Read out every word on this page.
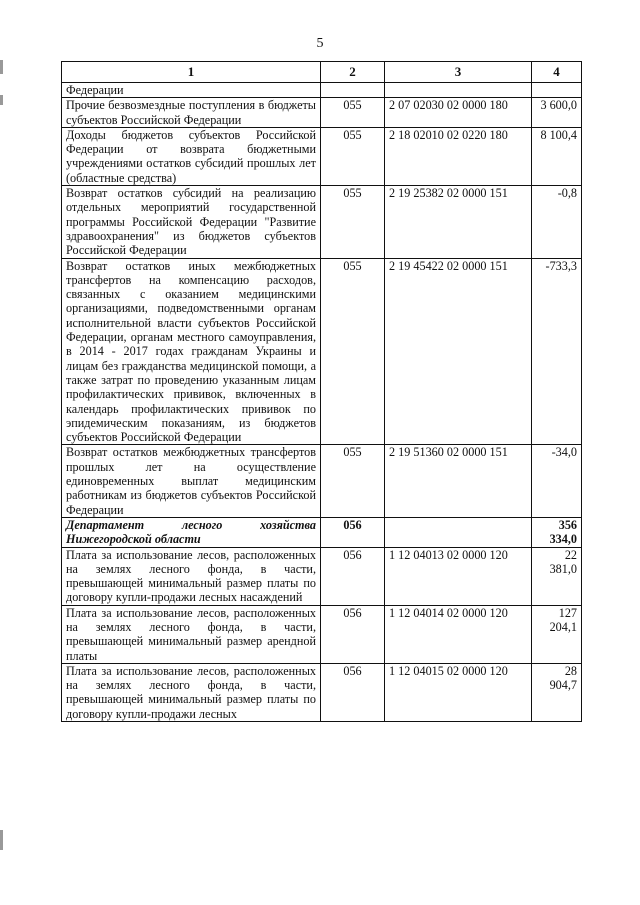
5
1	2	3	4
Федерации			
Прочие безвозмездные поступления в бюджеты субъектов Российской Федерации	055	2 07 02030 02 0000 180	3 600,0
Доходы бюджетов субъектов Российской Федерации от возврата бюджетными учреждениями остатков субсидий прошлых лет (областные средства)	055	2 18 02010 02 0220 180	8 100,4
Возврат остатков субсидий на реализацию отдельных мероприятий государственной программы Российской Федерации "Развитие здравоохранения" из бюджетов субъектов Российской Федерации	055	2 19 25382 02 0000 151	-0,8
Возврат остатков иных межбюджетных трансфертов на компенсацию расходов, связанных с оказанием медицинскими организациями, подведомственными органам исполнительной власти субъектов Российской Федерации, органам местного самоуправления, в 2014 - 2017 годах гражданам Украины и лицам без гражданства медицинской помощи, а также затрат по проведению указанным лицам профилактических прививок, включенных в календарь профилактических прививок по эпидемическим показаниям, из бюджетов субъектов Российской Федерации	055	2 19 45422 02 0000 151	-733,3
Возврат остатков межбюджетных трансфертов прошлых лет на осуществление единовременных выплат медицинским работникам из бюджетов субъектов Российской Федерации	055	2 19 51360 02 0000 151	-34,0
Департамент лесного хозяйства Нижегородской области	056		356 334,0
Плата за использование лесов, расположенных на землях лесного фонда, в части, превышающей минимальный размер платы по договору купли-продажи лесных насаждений	056	1 12 04013 02 0000 120	22 381,0
Плата за использование лесов, расположенных на землях лесного фонда, в части, превышающей минимальный размер арендной платы	056	1 12 04014 02 0000 120	127 204,1
Плата за использование лесов, расположенных на землях лесного фонда, в части, превышающей минимальный размер платы по договору купли-продажи лесных	056	1 12 04015 02 0000 120	28 904,7
